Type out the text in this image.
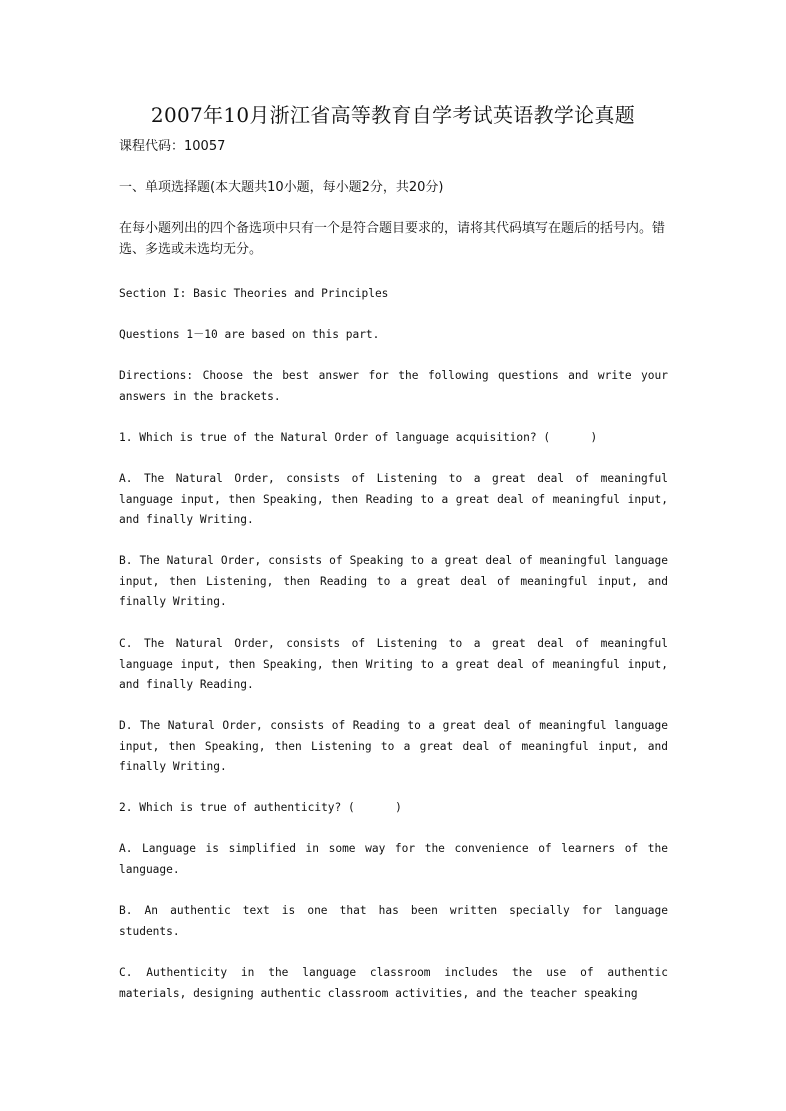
2007年10月浙江省高等教育自学考试英语教学论真题
课程代码：10057
一、单项选择题(本大题共10小题，每小题2分，共20分)
在每小题列出的四个备选项中只有一个是符合题目要求的，请将其代码填写在题后的括号内。错选、多选或未选均无分。
Section I: Basic Theories and Principles
Questions 1－10 are based on this part.
Directions: Choose the best answer for the following questions and write your answers in the brackets.
1. Which is true of the Natural Order of language acquisition? (      )
A. The Natural Order, consists of Listening to a great deal of meaningful language input, then Speaking, then Reading to a great deal of meaningful input, and finally Writing.
B. The Natural Order, consists of Speaking to a great deal of meaningful language input, then Listening, then Reading to a great deal of meaningful input, and finally Writing.
C. The Natural Order, consists of Listening to a great deal of meaningful language input, then Speaking, then Writing to a great deal of meaningful input, and finally Reading.
D. The Natural Order, consists of Reading to a great deal of meaningful language input, then Speaking, then Listening to a great deal of meaningful input, and finally Writing.
2. Which is true of authenticity? (      )
A. Language is simplified in some way for the convenience of learners of the language.
B. An authentic text is one that has been written specially for language students.
C. Authenticity in the language classroom includes the use of authentic materials, designing authentic classroom activities, and the teacher speaking
